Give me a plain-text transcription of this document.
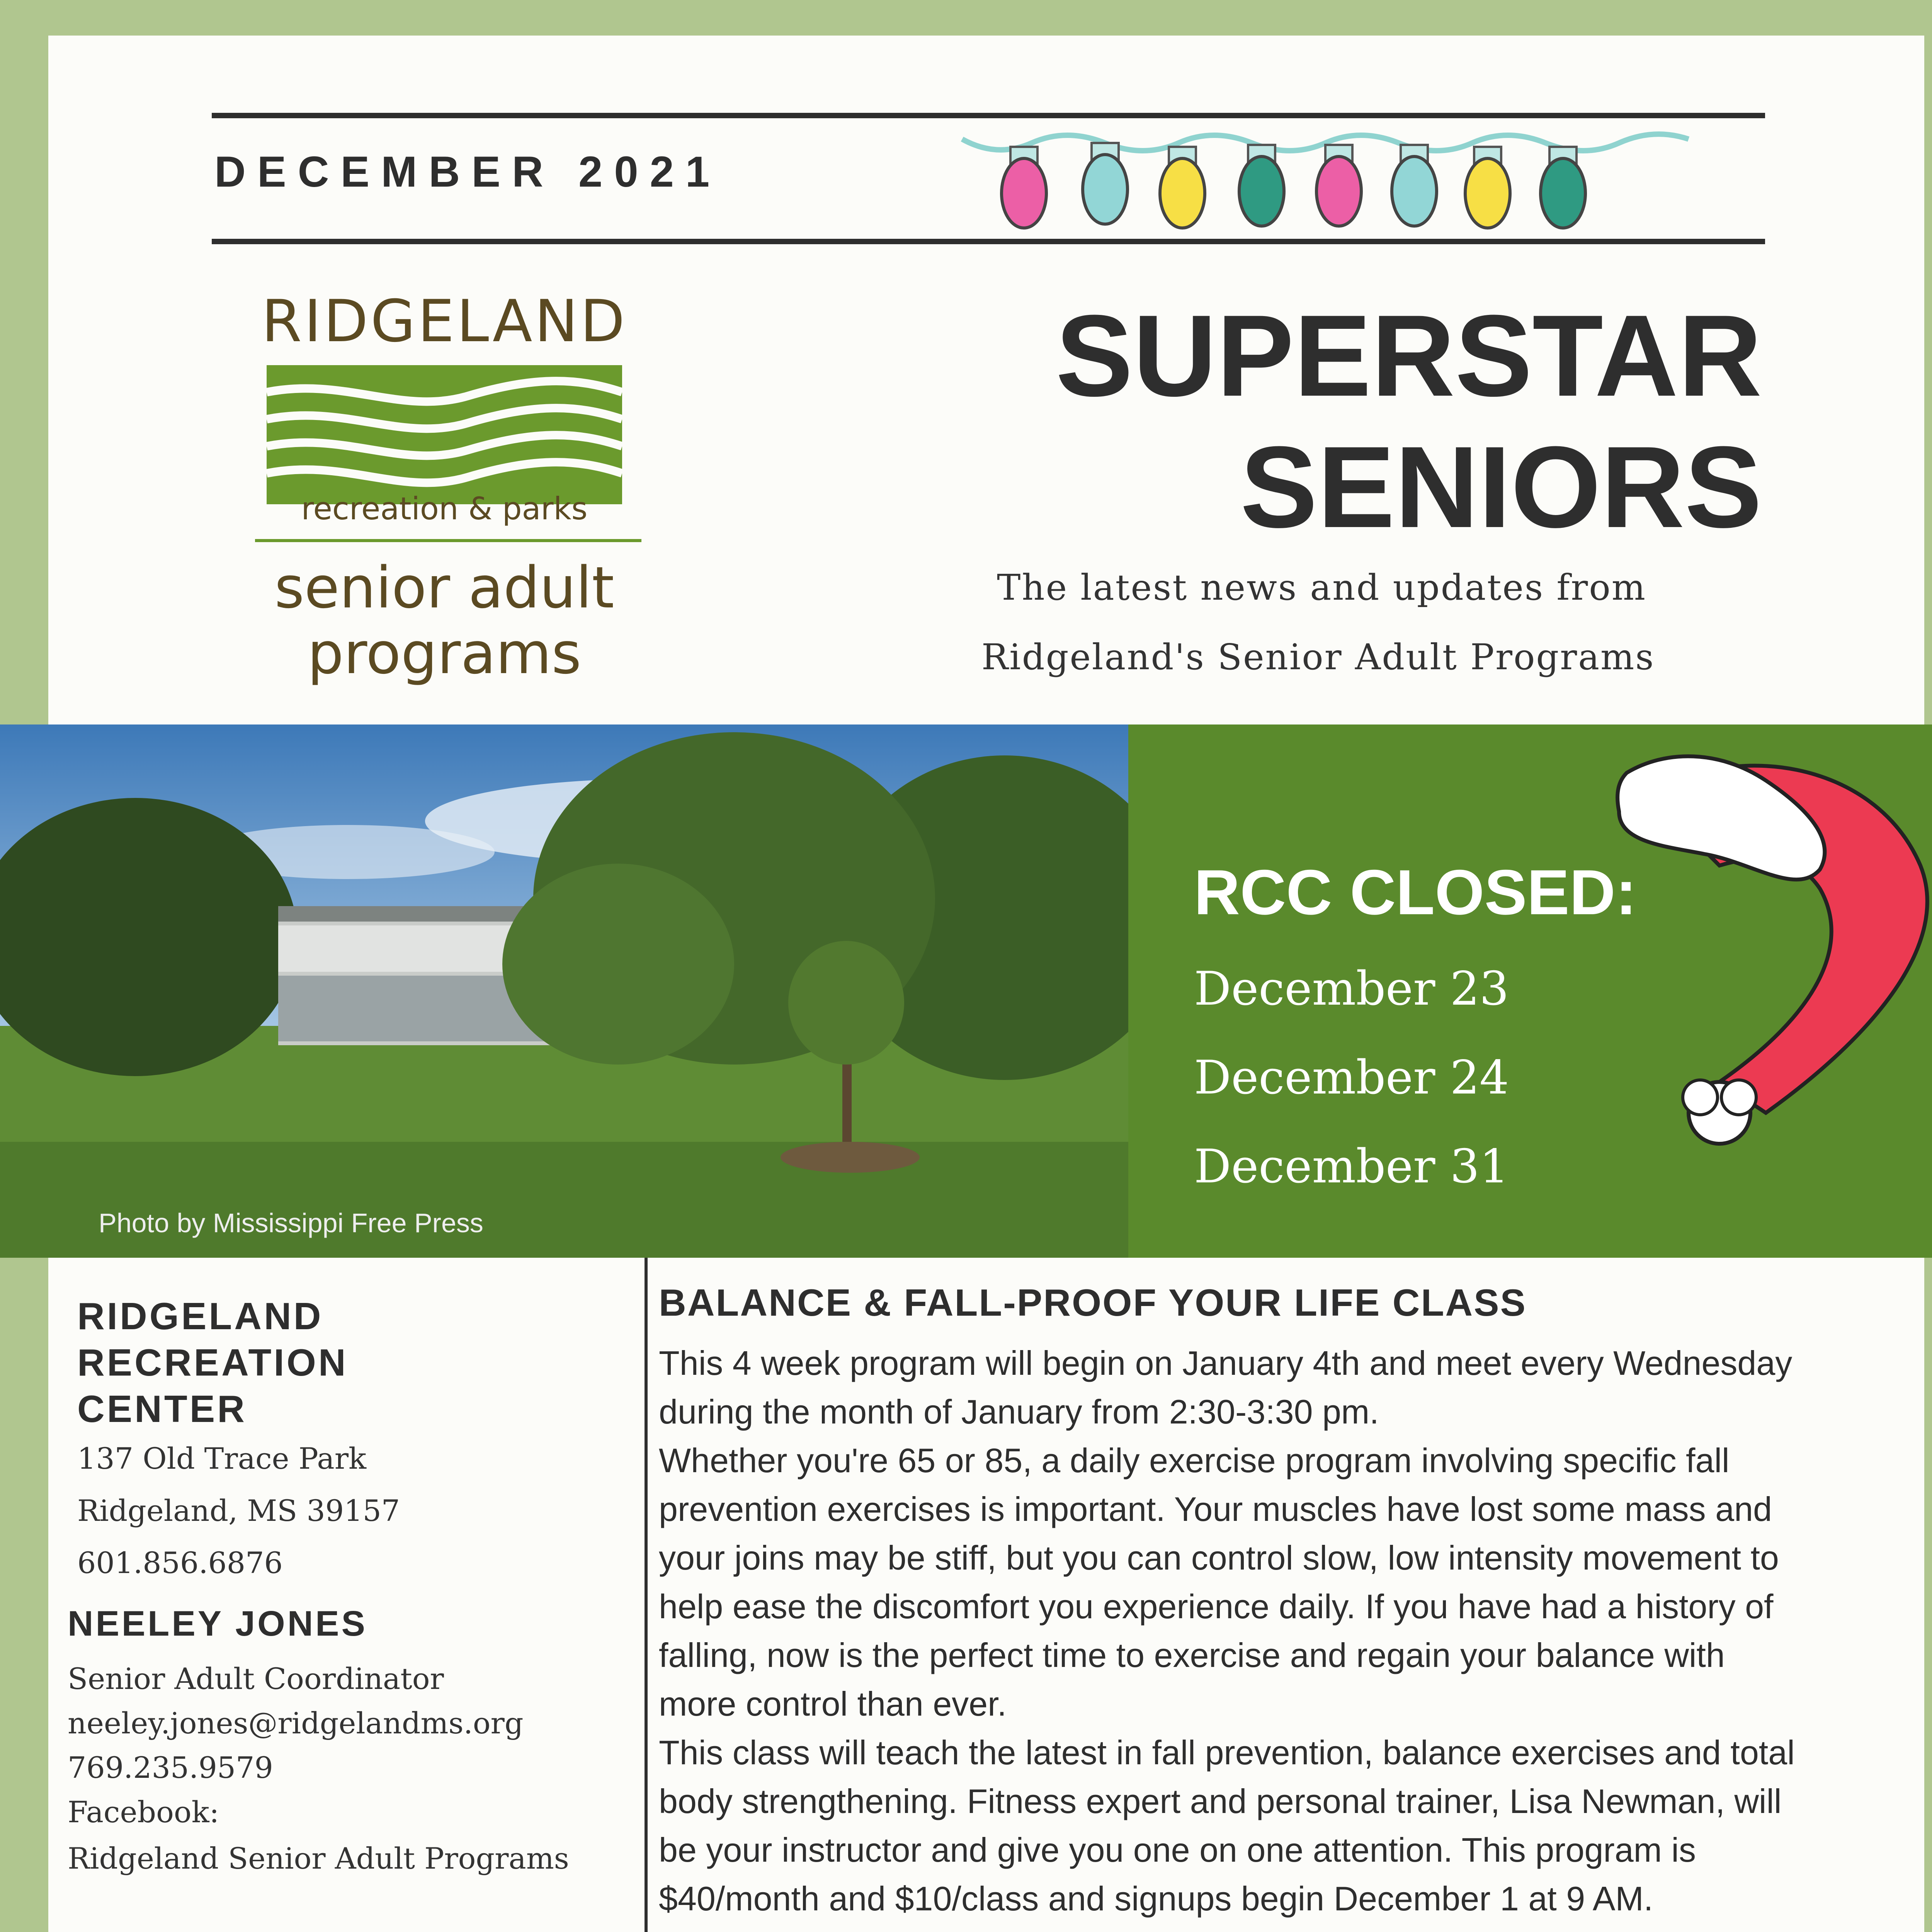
DECEMBER 2021
RIDGELAND
recreation & parks
senior adult
programs
SUPERSTAR
SENIORS
The latest news and updates from
Ridgeland's Senior Adult Programs
Photo by Mississippi Free Press
RCC CLOSED:
December 23
December 24
December 31
RIDGELAND
RECREATION
CENTER
137 Old Trace Park
Ridgeland, MS 39157
601.856.6876
NEELEY JONES
Senior Adult Coordinator
neeley.jones@ridgelandms.org
769.235.9579
Facebook:
Ridgeland Senior Adult Programs
BALANCE & FALL-PROOF YOUR LIFE CLASS
This 4 week program will begin on January 4th and meet every Wednesday
during the month of January from 2:30-3:30 pm.
Whether you're 65 or 85, a daily exercise program involving specific fall
prevention exercises is important. Your muscles have lost some mass and
your joins may be stiff, but you can control slow, low intensity movement to
help ease the discomfort you experience daily. If you have had a history of
falling, now is the perfect time to exercise and regain your balance with
more control than ever.
This class will teach the latest in fall prevention, balance exercises and total
body strengthening. Fitness expert and personal trainer, Lisa Newman, will
be your instructor and give you one on one attention. This program is
$40/month and $10/class and signups begin December 1 at 9 AM.
